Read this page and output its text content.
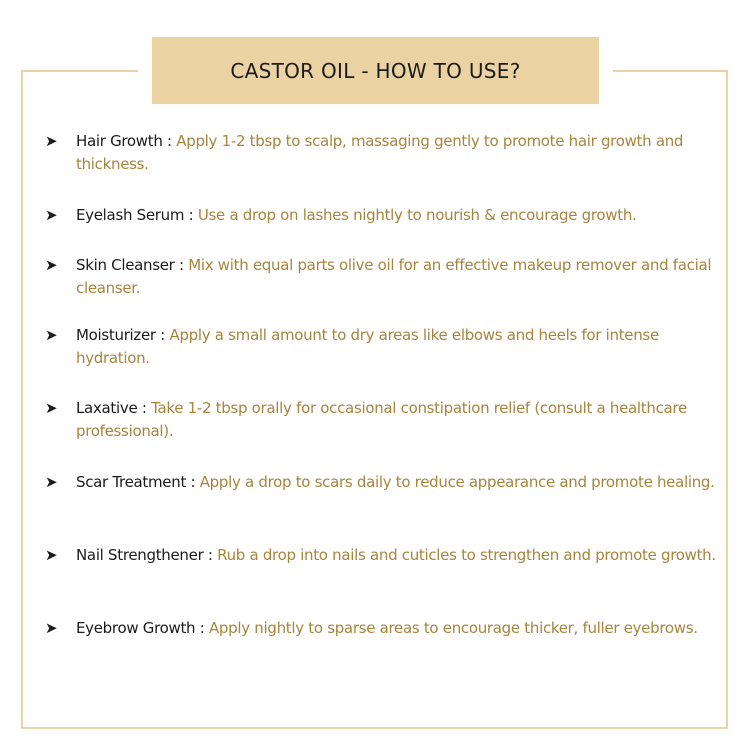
CASTOR OIL - HOW TO USE?
➤	Hair Growth : Apply 1-2 tbsp to scalp, massaging gently to promote hair growth and thickness.
➤	Eyelash Serum : Use a drop on lashes nightly to nourish & encourage growth.
➤	Skin Cleanser : Mix with equal parts olive oil for an effective makeup remover and facial cleanser.
➤	Moisturizer : Apply a small amount to dry areas like elbows and heels for intense hydration.
➤	Laxative : Take 1-2 tbsp orally for occasional constipation relief (consult a healthcare professional).
➤	Scar Treatment : Apply a drop to scars daily to reduce appearance and promote healing.
➤	Nail Strengthener : Rub a drop into nails and cuticles to strengthen and promote growth.
➤	Eyebrow Growth : Apply nightly to sparse areas to encourage thicker, fuller eyebrows.
